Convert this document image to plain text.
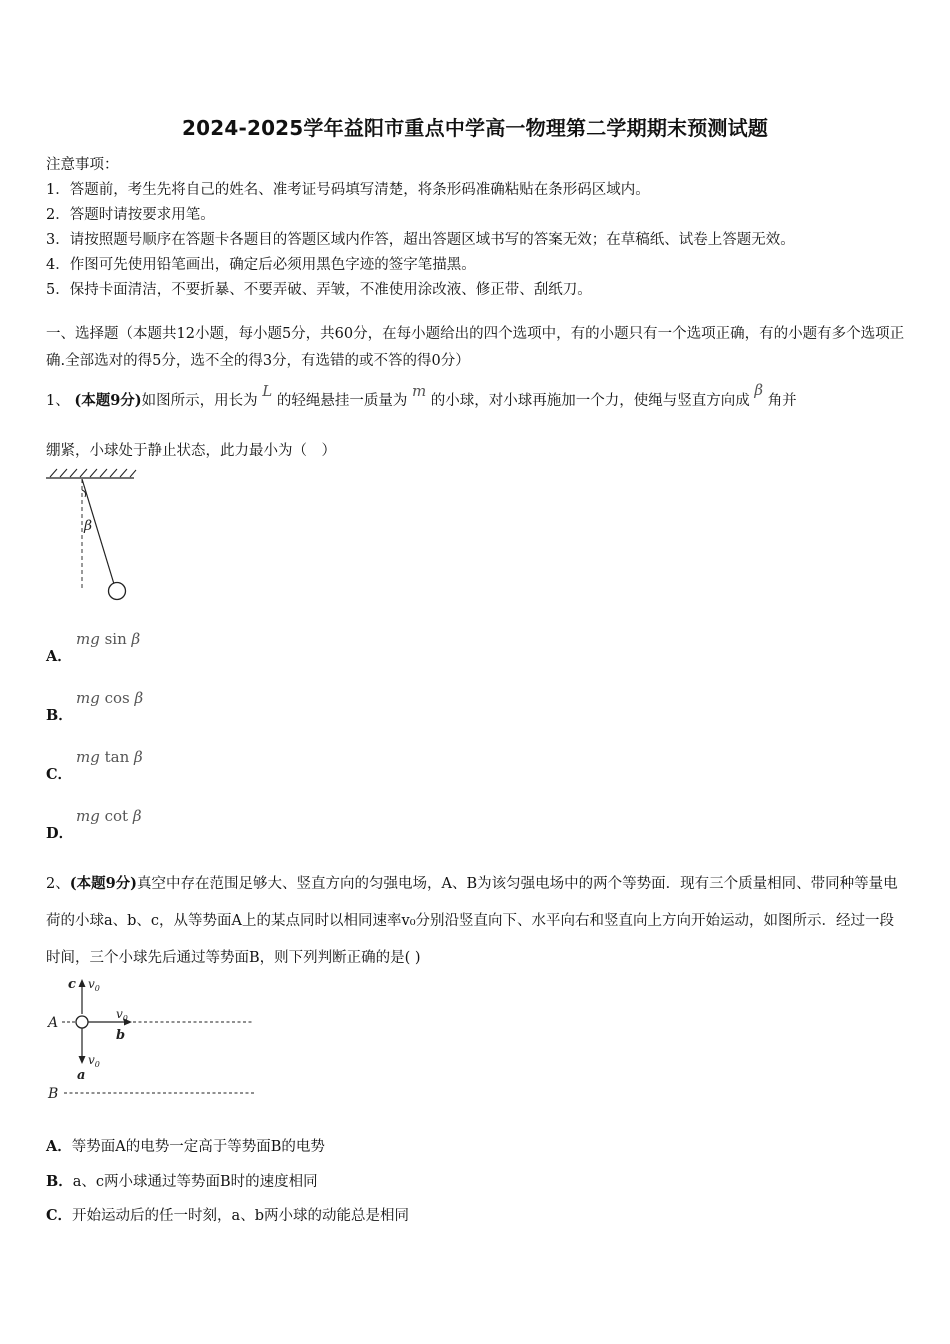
2024-2025学年益阳市重点中学高一物理第二学期期末预测试题
注意事项：
1．答题前，考生先将自己的姓名、准考证号码填写清楚，将条形码准确粘贴在条形码区域内。
2．答题时请按要求用笔。
3．请按照题号顺序在答题卡各题目的答题区域内作答，超出答题区域书写的答案无效；在草稿纸、试卷上答题无效。
4．作图可先使用铅笔画出，确定后必须用黑色字迹的签字笔描黑。
5．保持卡面清洁，不要折暴、不要弄破、弄皱，不准使用涂改液、修正带、刮纸刀。
一、选择题（本题共12小题，每小题5分，共60分，在每小题给出的四个选项中，有的小题只有一个选项正确，有的小题有多个选项正确.全部选对的得5分，选不全的得3分，有选错的或不答的得0分）
1、 (本题9分)如图所示，用长为 L 的轻绳悬挂一质量为 m 的小球，对小球再施加一个力，使绳与竖直方向成 β 角并
绷紧，小球处于静止状态，此力最小为（　）
β
A．
mg sin β
B．
mg cos β
C．
mg tan β
D．
mg cot β
2、(本题9分)真空中存在范围足够大、竖直方向的匀强电场，A、B为该匀强电场中的两个等势面．现有三个质量相同、带同种等量电荷的小球a、b、c，从等势面A上的某点同时以相同速率v₀分别沿竖直向下、水平向右和竖直向上方向开始运动，如图所示．经过一段时间，三个小球先后通过等势面B，则下列判断正确的是( )
c $v_0$
A
$v_0$
b
$v_0$
a
B
A．等势面A的电势一定高于等势面B的电势
B．a、c两小球通过等势面B时的速度相同
C．开始运动后的任一时刻，a、b两小球的动能总是相同
